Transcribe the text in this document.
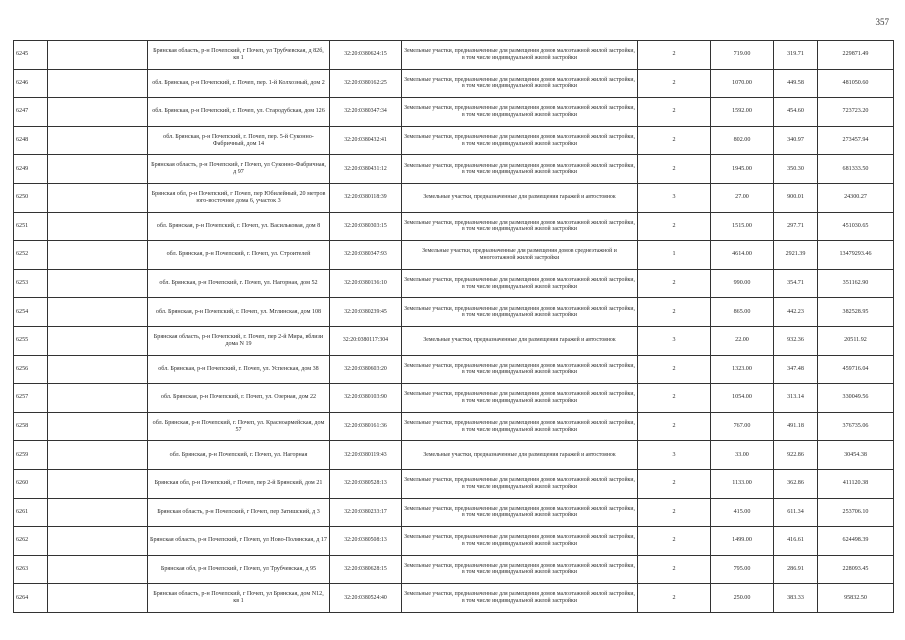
357
6245		Брянская область, р-н Почепский, г Почеп, ул Трубчевская, д 82б, кв 1	32:20:0380624:15	Земельные участки, предназначенные для размещения домов малоэтажной жилой застройки, в том числе индивидуальной жилой застройки	2	719.00	319.71	229871.49
6246		обл. Брянская, р-н Почепский, г. Почеп, пер. 1-й Колхозный, дом 2	32:20:0380162:25	Земельные участки, предназначенные для размещения домов малоэтажной жилой застройки, в том числе индивидуальной жилой застройки	2	1070.00	449.58	481050.60
6247		обл. Брянская, р-н Почепский, г. Почеп, ул. Стародубская, дом 126	32:20:0380347:34	Земельные участки, предназначенные для размещения домов малоэтажной жилой застройки, в том числе индивидуальной жилой застройки	2	1592.00	454.60	723723.20
6248		обл. Брянская, р-н Почепский, г. Почеп, пер. 5-й Суконно-Фабричный, дом 14	32:20:0380432:41	Земельные участки, предназначенные для размещения домов малоэтажной жилой застройки, в том числе индивидуальной жилой застройки	2	802.00	340.97	273457.94
6249		Брянская область, р-н Почепский, г Почеп, ул Суконно-Фабричная, д 97	32:20:0380431:12	Земельные участки, предназначенные для размещения домов малоэтажной жилой застройки, в том числе индивидуальной жилой застройки	2	1945.00	350.30	681333.50
6250		Брянская обл, р-н Почепский, г Почеп, пер Юбилейный, 20 метров юго-восточнее дома 6, участок 3	32:20:0380118:39	Земельные участки, предназначенные для размещения гаражей и автостоянок	3	27.00	900.01	24300.27
6251		обл. Брянская, р-н Почепский, г. Почеп, ул. Васильковая, дом 8	32:20:0380303:15	Земельные участки, предназначенные для размещения домов малоэтажной жилой застройки, в том числе индивидуальной жилой застройки	2	1515.00	297.71	451030.65
6252		обл. Брянская, р-н Почепский, г. Почеп, ул. Строителей	32:20:0380347:93	Земельные участки, предназначенные для размещения домов среднеэтажной и многоэтажной жилой застройки	1	4614.00	2921.39	13479293.46
6253		обл. Брянская, р-н Почепский, г. Почеп, ул. Нагорная, дом 52	32:20:0380136:10	Земельные участки, предназначенные для размещения домов малоэтажной жилой застройки, в том числе индивидуальной жилой застройки	2	990.00	354.71	351162.90
6254		обл. Брянская, р-н Почепский, г. Почеп, ул. Мглинская, дом 108	32:20:0380239:45	Земельные участки, предназначенные для размещения домов малоэтажной жилой застройки, в том числе индивидуальной жилой застройки	2	865.00	442.23	382528.95
6255		Брянская область, р-н Почепский, г. Почеп, пер 2-й Мира, вблизи дома N 19	32:20:0380117:304	Земельные участки, предназначенные для размещения гаражей и автостоянок	3	22.00	932.36	20511.92
6256		обл. Брянская, р-н Почепский, г. Почеп, ул. Успенская, дом 38	32:20:0380603:20	Земельные участки, предназначенные для размещения домов малоэтажной жилой застройки, в том числе индивидуальной жилой застройки	2	1323.00	347.48	459716.04
6257		обл. Брянская, р-н Почепский, г. Почеп, ул. Озерная, дом 22	32:20:0380103:90	Земельные участки, предназначенные для размещения домов малоэтажной жилой застройки, в том числе индивидуальной жилой застройки	2	1054.00	313.14	330049.56
6258		обл. Брянская, р-н Почепский, г. Почеп, ул. Красноармейская, дом 57	32:20:0380161:36	Земельные участки, предназначенные для размещения домов малоэтажной жилой застройки, в том числе индивидуальной жилой застройки	2	767.00	491.18	376735.06
6259		обл. Брянская, р-н Почепский, г. Почеп, ул. Нагорная	32:20:0380119:43	Земельные участки, предназначенные для размещения гаражей и автостоянок	3	33.00	922.86	30454.38
6260		Брянская обл, р-н Почепский, г Почеп, пер 2-й Брянский, дом 21	32:20:0380528:13	Земельные участки, предназначенные для размещения домов малоэтажной жилой застройки, в том числе индивидуальной жилой застройки	2	1133.00	362.86	411120.38
6261		Брянская область, р-н Почепский, г Почеп, пер Затишский, д 3	32:20:0380233:17	Земельные участки, предназначенные для размещения домов малоэтажной жилой застройки, в том числе индивидуальной жилой застройки	2	415.00	611.34	253706.10
6262		Брянская область, р-н Почепский, г Почеп, ул Ново-Полянская, д 17	32:20:0380508:13	Земельные участки, предназначенные для размещения домов малоэтажной жилой застройки, в том числе индивидуальной жилой застройки	2	1499.00	416.61	624498.39
6263		Брянская обл, р-н Почепский, г Почеп, ул Трубчевская, д 95	32:20:0380628:15	Земельные участки, предназначенные для размещения домов малоэтажной жилой застройки, в том числе индивидуальной жилой застройки	2	795.00	286.91	228093.45
6264		Брянская область, р-н Почепский, г Почеп, ул Брянская, дом N12, кв 1	32:20:0380524:40	Земельные участки, предназначенные для размещения домов малоэтажной жилой застройки, в том числе индивидуальной жилой застройки	2	250.00	383.33	95832.50
